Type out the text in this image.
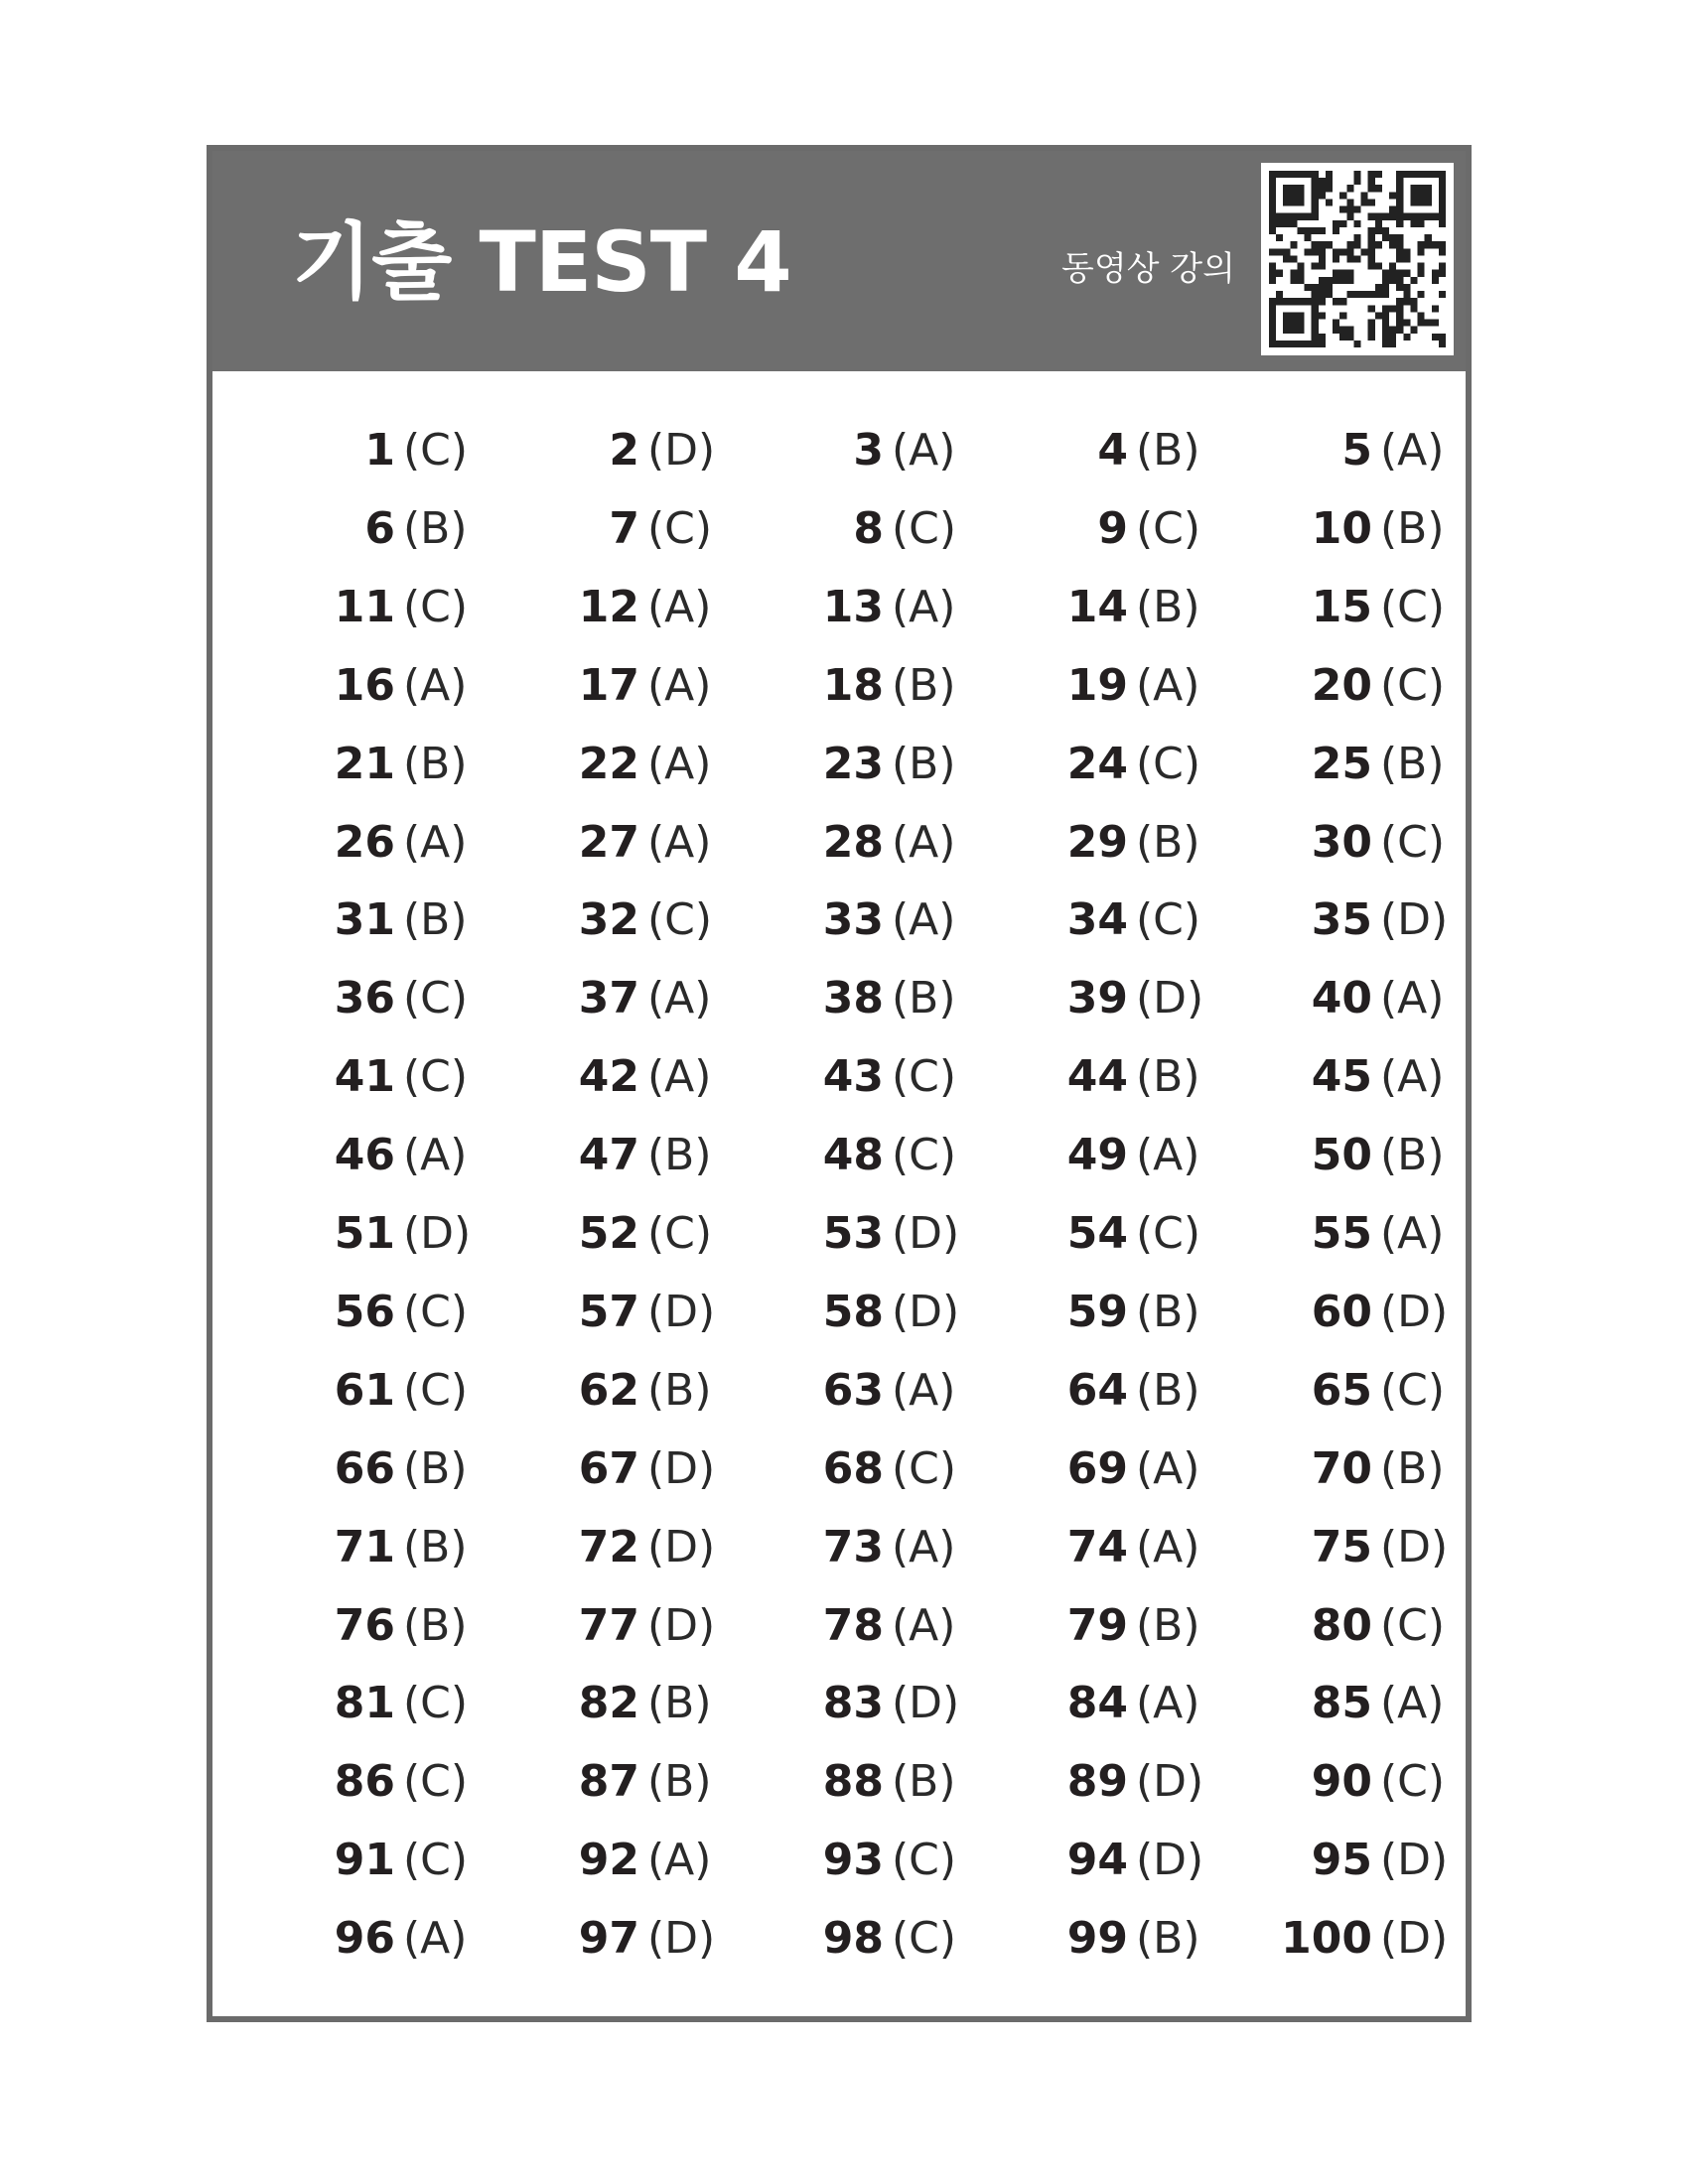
기출 TEST 4	동영상 강의
1 (C)	2 (D)	3 (A)	4 (B)	5 (A)
6 (B)	7 (C)	8 (C)	9 (C)	10 (B)
11 (C)	12 (A)	13 (A)	14 (B)	15 (C)
16 (A)	17 (A)	18 (B)	19 (A)	20 (C)
21 (B)	22 (A)	23 (B)	24 (C)	25 (B)
26 (A)	27 (A)	28 (A)	29 (B)	30 (C)
31 (B)	32 (C)	33 (A)	34 (C)	35 (D)
36 (C)	37 (A)	38 (B)	39 (D) 40 (A)
41 (C)	42 (A)	43 (C)	44 (B)	45 (A)
46 (A)	47 (B)	48 (C)	49 (A)	50 (B)
51 (D) 52 (C)	53 (D) 54 (C)	55 (A)
56 (C)	57 (D) 58 (D) 59 (B)	60 (D)
61 (C)	62 (B)	63 (A)	64 (B)	65 (C)
66 (B)	67 (D) 68 (C)	69 (A)	70 (B)
71 (B)	72 (D) 73 (A)	74 (A)	75 (D)
76 (B)	77 (D) 78 (A)	79 (B)	80 (C)
81 (C)	82 (B)	83 (D) 84 (A)	85 (A)
86 (C)	87 (B)	88 (B)	89 (D) 90 (C)
91 (C)	92 (A)	93 (C)	94 (D) 95 (D)
96 (A)	97 (D) 98 (C)	99 (B) 100 (D)
